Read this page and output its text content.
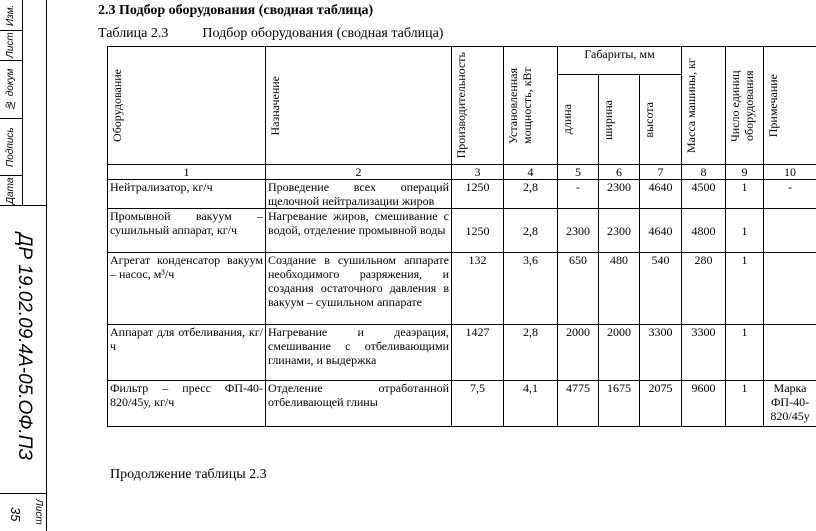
Изм.
Лист
№ докум
Подпись
Дата
ДР 19.02.09.4А-05.ОФ.ПЗ
Лист
35
2.3 Подбор оборудования (сводная таблица)
Таблица 2.3 Подбор оборудования (сводная таблица)
Оборудование	Назначение	Производительность	Установленная мощность, кВт	Габариты, мм			Масса машины, кг	Число единиц оборудования	Примечание

				длина	ширина	высота			

1	2	3	4	5	6	7	8	9	10
Нейтрализатор, кг/ч	Проведение всех операций щелочной нейтрализации жиров	1250	2,8	-	2300	4640	4500	1	-
Промывной вакуум – сушильный аппарат, кг/ч	Нагревание жиров, смешивание с водой, отделение промывной воды	1250	2,8	2300	2300	4640	4800	1	
Агрегат конденсатор вакуум – насос, м³/ч	Создание в сушильном аппарате необходимого разряжения, и создания остаточного давления в вакуум – сушильном аппарате	132	3,6	650	480	540	280	1	
Аппарат для отбеливания, кг/ч	Нагревание и деаэрация, смешивание с отбеливающими глинами, и выдержка	1427	2,8	2000	2000	3300	3300	1	
Фильтр – пресс ФП-40-820/45у, кг/ч	Отделение отработанной отбеливающей глины	7,5	4,1	4775	1675	2075	9600	1	Марка ФП-40-820/45у
Продолжение таблицы 2.3
